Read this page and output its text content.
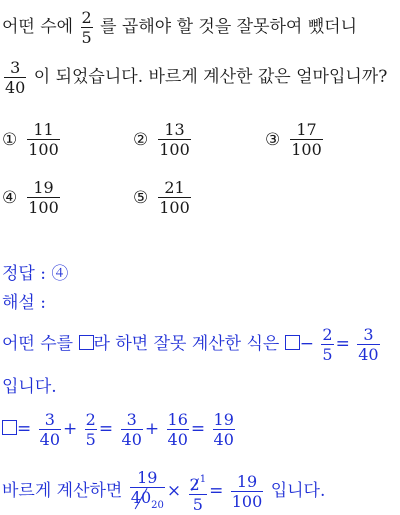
어떤 수에 $\frac{2}{5}$ 를 곱해야 할 것을 잘못하여 뺐더니
$\frac{3}{40}$ 이 되었습니다. 바르게 계산한 값은 얼마입니까?
① $\frac{11}{100}$	② $\frac{13}{100}$	③ $\frac{17}{100}$
④ $\frac{19}{100}$	⑤ $\frac{21}{100}$
정답 : ④
해설 :
어떤 수를 라 하면 잘못 계산한 식은 − $\frac{2}{5} = \frac{3}{40}$
입니다.
= $\frac{3}{40} + \frac{2}{5} = \frac{3}{40} + \frac{16}{40} = \frac{19}{40}$
바르게 계산하면 $\frac{19}{40_{20}} \times \frac{2^1}{5} = \frac{19}{100}$ 입니다.
